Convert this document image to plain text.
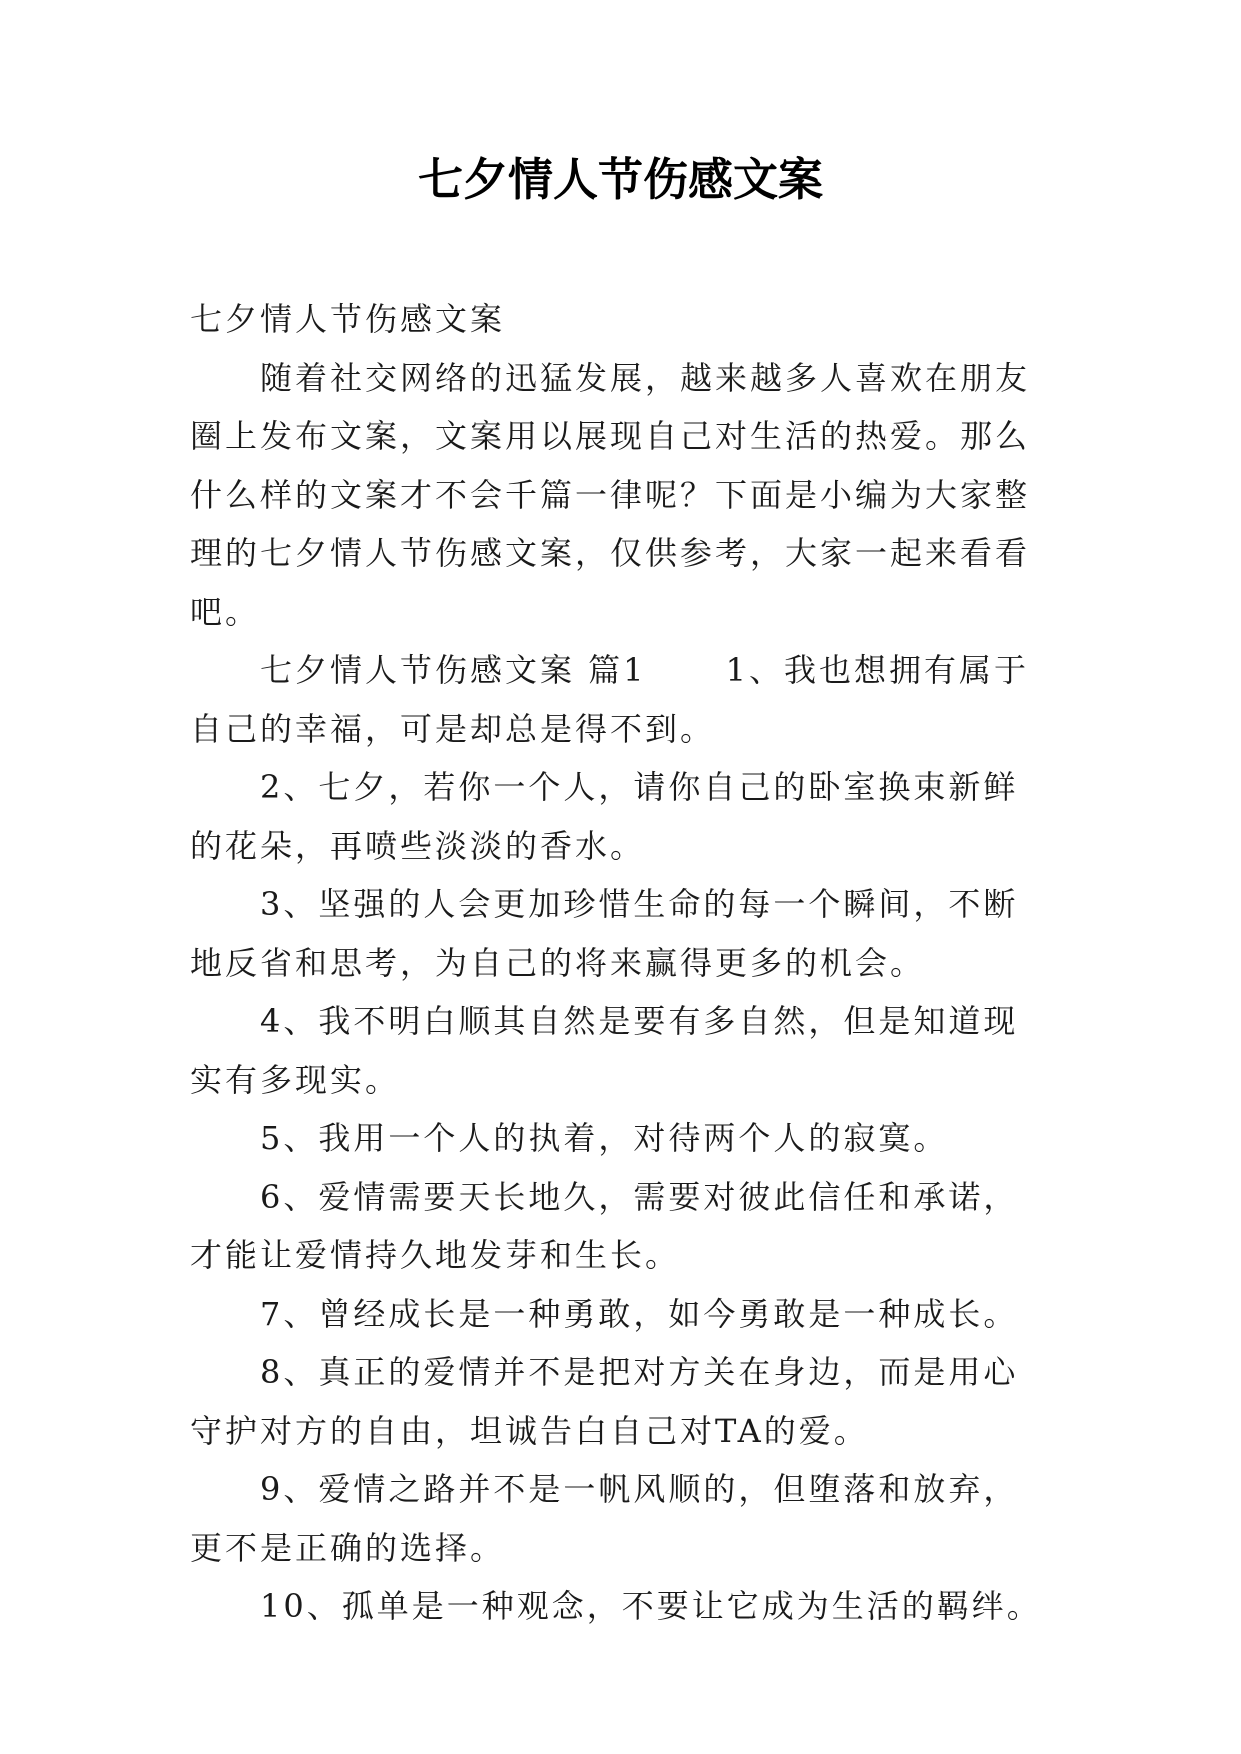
七夕情人节伤感文案

七夕情人节伤感文案

随着社交网络的迅猛发展，越来越多人喜欢在朋友圈上发布文案，文案用以展现自己对生活的热爱。那么什么样的文案才不会千篇一律呢？下面是小编为大家整理的七夕情人节伤感文案，仅供参考，大家一起来看看吧。

七夕情人节伤感文案 篇1 1、我也想拥有属于自己的幸福，可是却总是得不到。

2、七夕，若你一个人，请你自己的卧室换束新鲜的花朵，再喷些淡淡的香水。

3、坚强的人会更加珍惜生命的每一个瞬间，不断地反省和思考，为自己的将来赢得更多的机会。

4、我不明白顺其自然是要有多自然，但是知道现实有多现实。

5、我用一个人的执着，对待两个人的寂寞。

6、爱情需要天长地久，需要对彼此信任和承诺，才能让爱情持久地发芽和生长。

7、曾经成长是一种勇敢，如今勇敢是一种成长。

8、真正的爱情并不是把对方关在身边，而是用心守护对方的自由，坦诚告白自己对TA的爱。

9、爱情之路并不是一帆风顺的，但堕落和放弃，更不是正确的选择。

10、孤单是一种观念，不要让它成为生活的羁绊。
